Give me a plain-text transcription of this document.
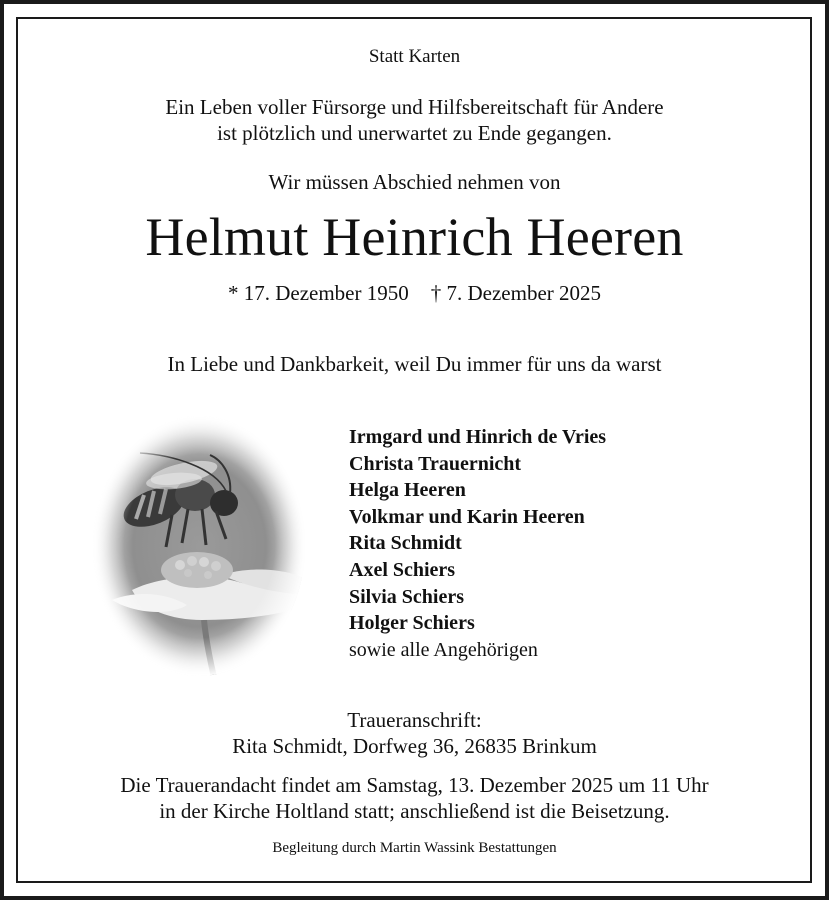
Statt Karten
Ein Leben voller Fürsorge und Hilfsbereitschaft für Andere
ist plötzlich und unerwartet zu Ende gegangen.
Wir müssen Abschied nehmen von
Helmut Heinrich Heeren
* 17. Dezember 1950 † 7. Dezember 2025
In Liebe und Dankbarkeit, weil Du immer für uns da warst
Irmgard und Hinrich de Vries
Christa Trauernicht
Helga Heeren
Volkmar und Karin Heeren
Rita Schmidt
Axel Schiers
Silvia Schiers
Holger Schiers
sowie alle Angehörigen
Traueranschrift:
Rita Schmidt, Dorfweg 36, 26835 Brinkum
Die Trauerandacht findet am Samstag, 13. Dezember 2025 um 11 Uhr
in der Kirche Holtland statt; anschließend ist die Beisetzung.
Begleitung durch Martin Wassink Bestattungen
